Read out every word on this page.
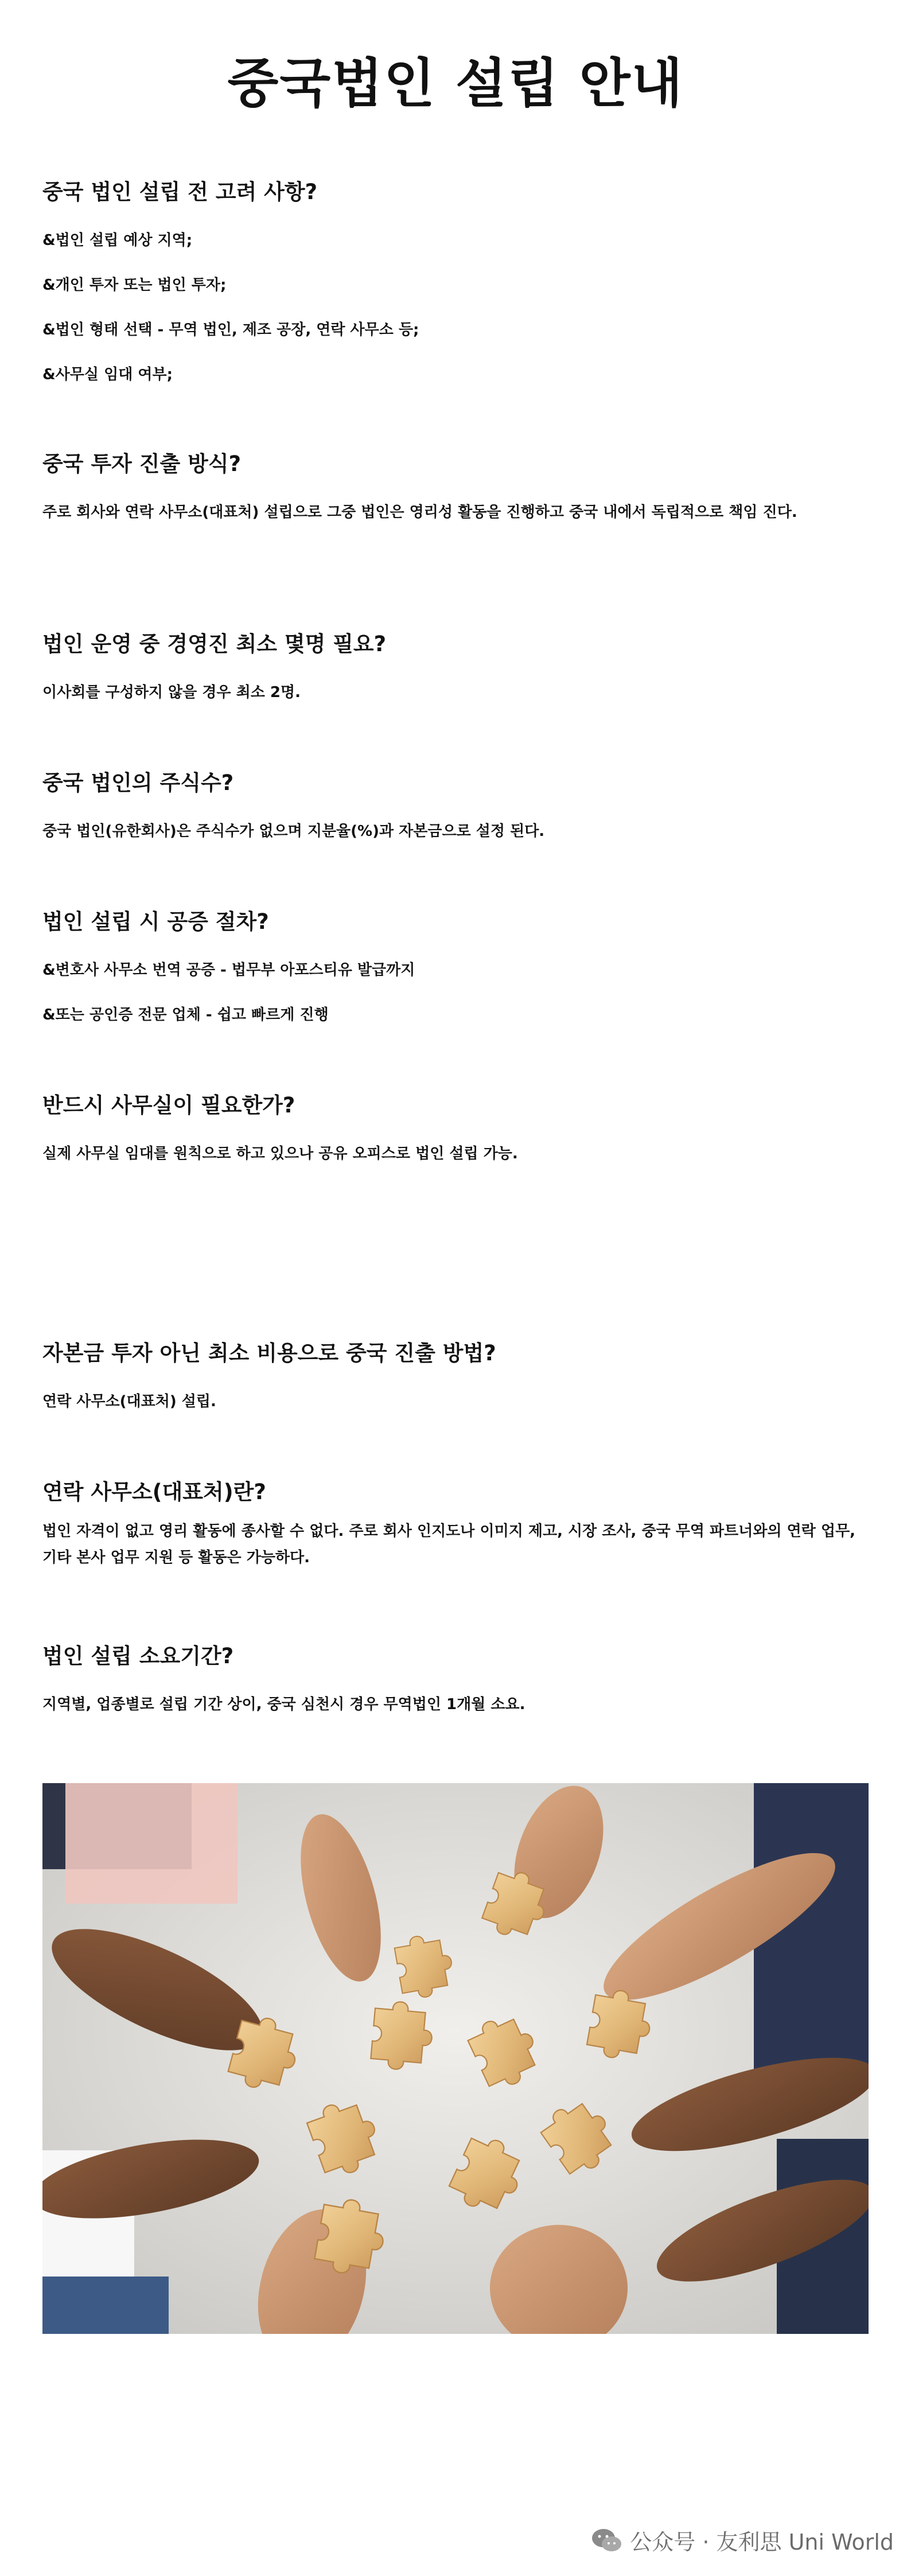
중국법인 설립 안내
중국 법인 설립 전 고려 사항?

&법인 설립 예상 지역;

&개인 투자 또는 법인 투자;

&법인 형태 선택 - 무역 법인, 제조 공장, 연락 사무소 등;

&사무실 임대 여부;

중국 투자 진출 방식?

주로 회사와 연락 사무소(대표처) 설립으로 그중 법인은 영리성 활동을 진행하고 중국 내에서 독립적으로 책임 진다.

법인 운영 중 경영진 최소 몇명 필요?

이사회를 구성하지 않을 경우 최소 2명.

중국 법인의 주식수?

중국 법인(유한회사)은 주식수가 없으며 지분율(%)과 자본금으로 설정 된다.

법인 설립 시 공증 절차?

&변호사 사무소 번역 공증 - 법무부 아포스티유 발급까지

&또는 공인증 전문 업체 - 쉽고 빠르게 진행

반드시 사무실이 필요한가?

실제 사무실 임대를 원칙으로 하고 있으나 공유 오피스로 법인 설립 가능.

자본금 투자 아닌 최소 비용으로 중국 진출 방법?

연락 사무소(대표처) 설립.

연락 사무소(대표처)란?

법인 자격이 없고 영리 활동에 종사할 수 없다. 주로 회사 인지도나 이미지 제고, 시장 조사, 중국 무역 파트너와의 연락 업무, 기타 본사 업무 지원 등 활동은 가능하다.

법인 설립 소요기간?

지역별, 업종별로 설립 기간 상이, 중국 심천시 경우 무역법인 1개월 소요.

公众号 · 友利思 Uni World
